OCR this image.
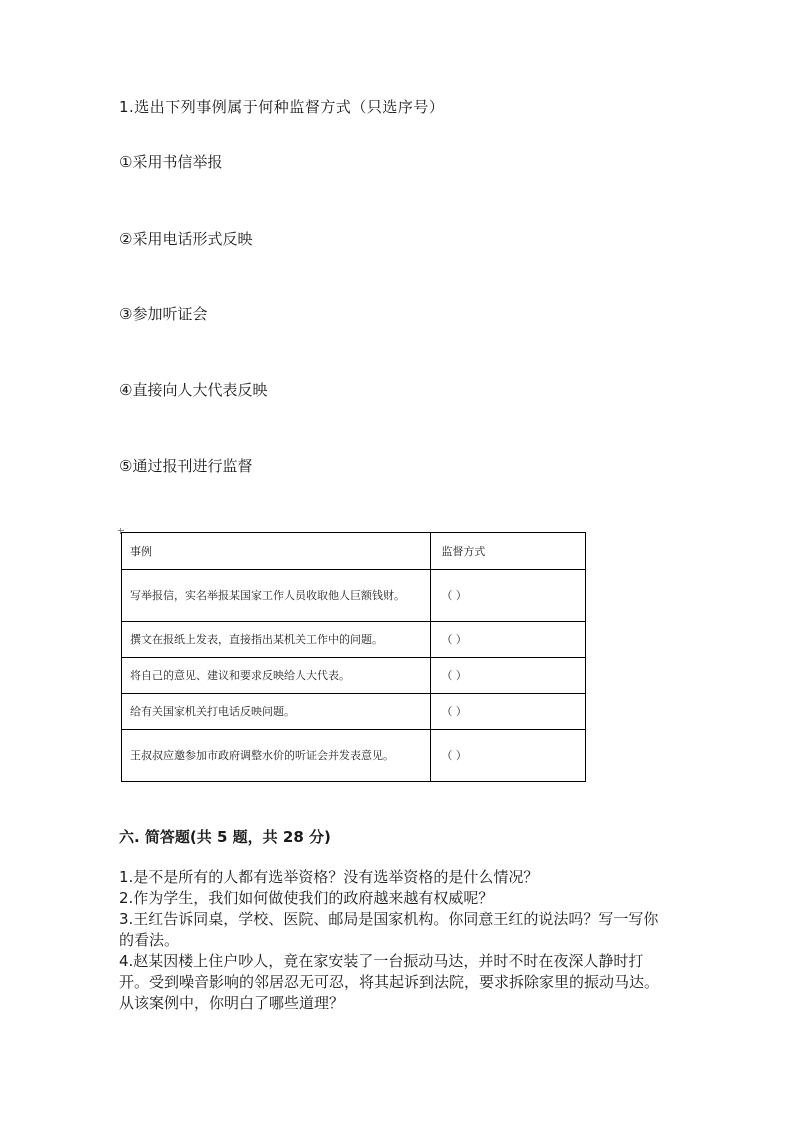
1.选出下列事例属于何种监督方式（只选序号）

①采用书信举报

②采用电话形式反映

③参加听证会

④直接向人大代表反映

⑤通过报刊进行监督

事例	监督方式
写举报信，实名举报某国家工作人员收取他人巨额钱财。	（ ）
撰文在报纸上发表，直接指出某机关工作中的问题。	（ ）
将自己的意见、建议和要求反映给人大代表。	（ ）
给有关国家机关打电话反映问题。	（ ）
王叔叔应邀参加市政府调整水价的听证会并发表意见。	（ ）

六. 简答题(共 5 题，共 28 分)

1.是不是所有的人都有选举资格？没有选举资格的是什么情况？

2.作为学生，我们如何做使我们的政府越来越有权威呢？

3.王红告诉同桌，学校、医院、邮局是国家机构。你同意王红的说法吗？写一写你的看法。

4.赵某因楼上住户吵人，竟在家安装了一台振动马达，并时不时在夜深人静时打开。受到噪音影响的邻居忍无可忍，将其起诉到法院，要求拆除家里的振动马达。从该案例中，你明白了哪些道理？
